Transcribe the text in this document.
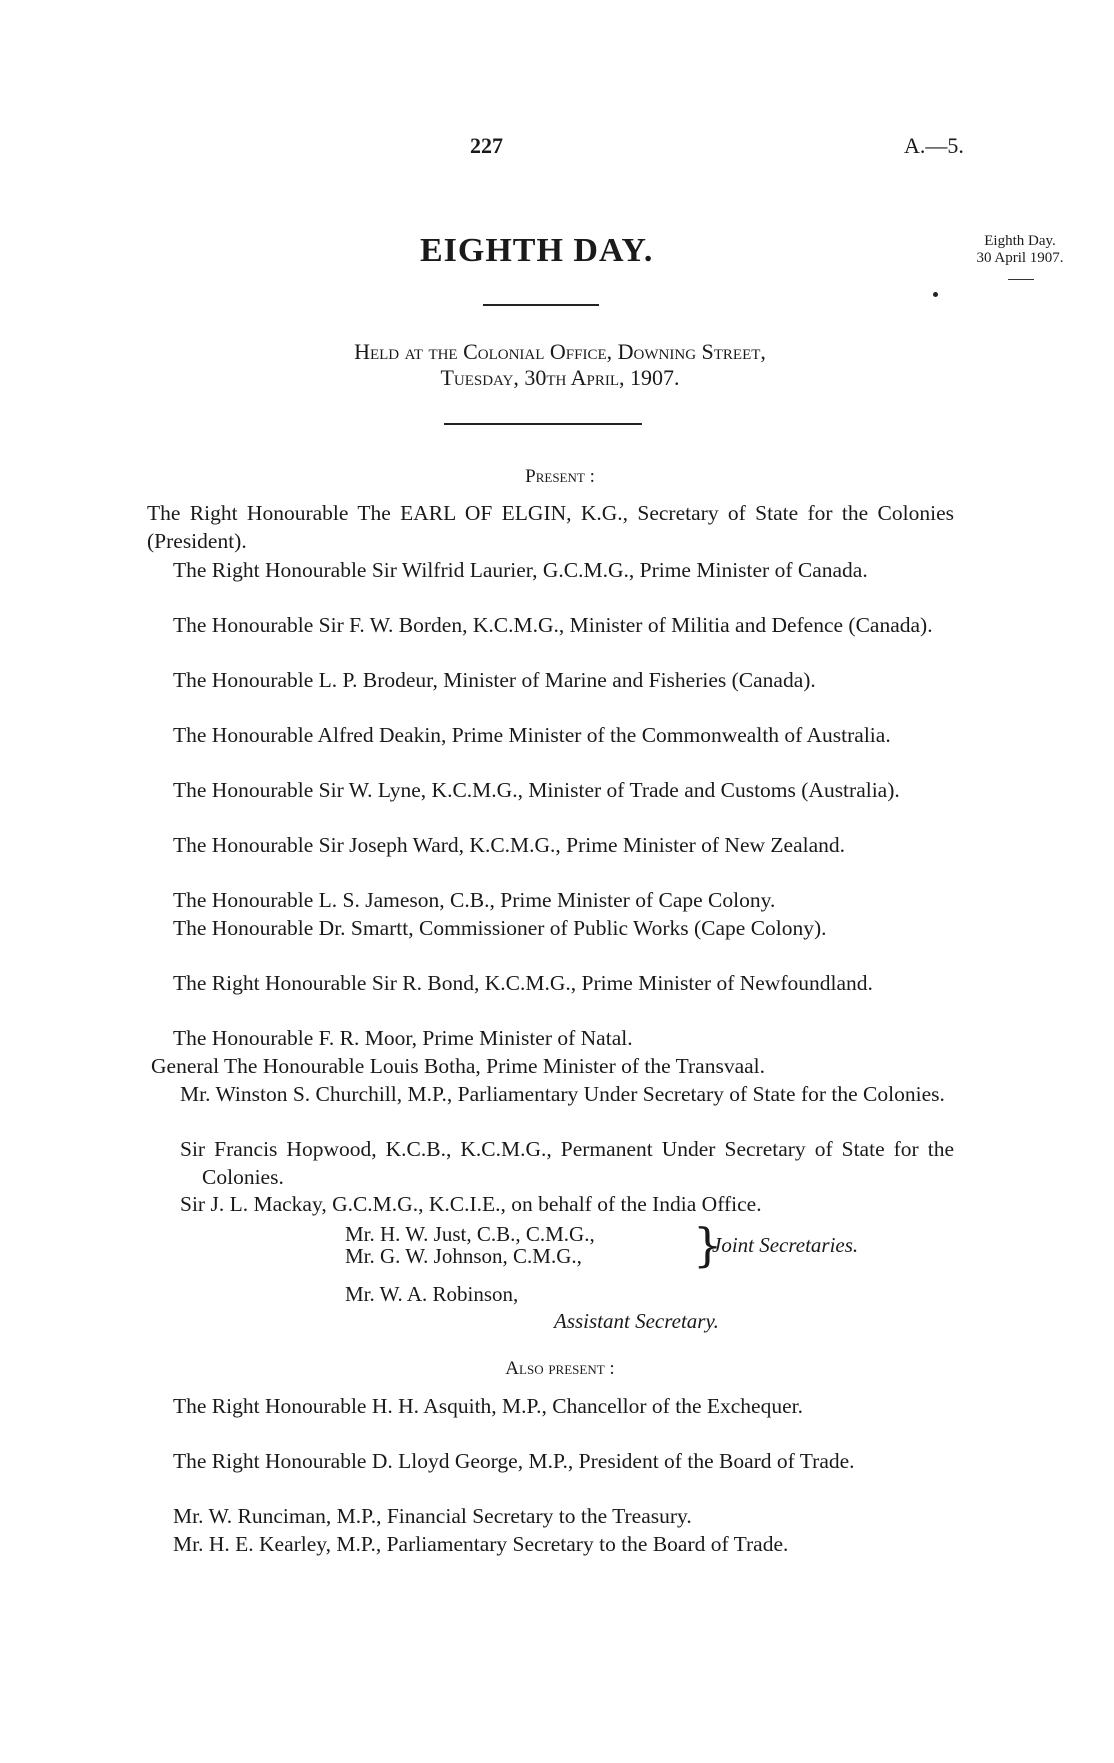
227	A.—5.
EIGHTH DAY.	Eighth Day.
30 April 1907.
Held at the Colonial Office, Downing Street,
Tuesday, 30th April, 1907.
Present :

The Right Honourable The EARL OF ELGIN, K.G., Secretary of State for the Colonies (President).

The Right Honourable Sir Wilfrid Laurier, G.C.M.G., Prime Minister of Canada.

The Honourable Sir F. W. Borden, K.C.M.G., Minister of Militia and Defence (Canada).

The Honourable L. P. Brodeur, Minister of Marine and Fisheries (Canada).

The Honourable Alfred Deakin, Prime Minister of the Commonwealth of Australia.

The Honourable Sir W. Lyne, K.C.M.G., Minister of Trade and Customs (Australia).

The Honourable Sir Joseph Ward, K.C.M.G., Prime Minister of New Zealand.

The Honourable L. S. Jameson, C.B., Prime Minister of Cape Colony.

The Honourable Dr. Smartt, Commissioner of Public Works (Cape Colony).

The Right Honourable Sir R. Bond, K.C.M.G., Prime Minister of Newfoundland.

The Honourable F. R. Moor, Prime Minister of Natal.

General The Honourable Louis Botha, Prime Minister of the Transvaal.

Mr. Winston S. Churchill, M.P., Parliamentary Under Secretary of State for the Colonies.

Sir Francis Hopwood, K.C.B., K.C.M.G., Permanent Under Secretary of State for the Colonies.

Sir J. L. Mackay, G.C.M.G., K.C.I.E., on behalf of the India Office.

Mr. H. W. Just, C.B., C.M.G.,
Mr. G. W. Johnson, C.M.G., }
Joint Secretaries.
Mr. W. A. Robinson,
Assistant Secretary.
Also present :

The Right Honourable H. H. Asquith, M.P., Chancellor of the Exchequer.

The Right Honourable D. Lloyd George, M.P., President of the Board of Trade.

Mr. W. Runciman, M.P., Financial Secretary to the Treasury.

Mr. H. E. Kearley, M.P., Parliamentary Secretary to the Board of Trade.
